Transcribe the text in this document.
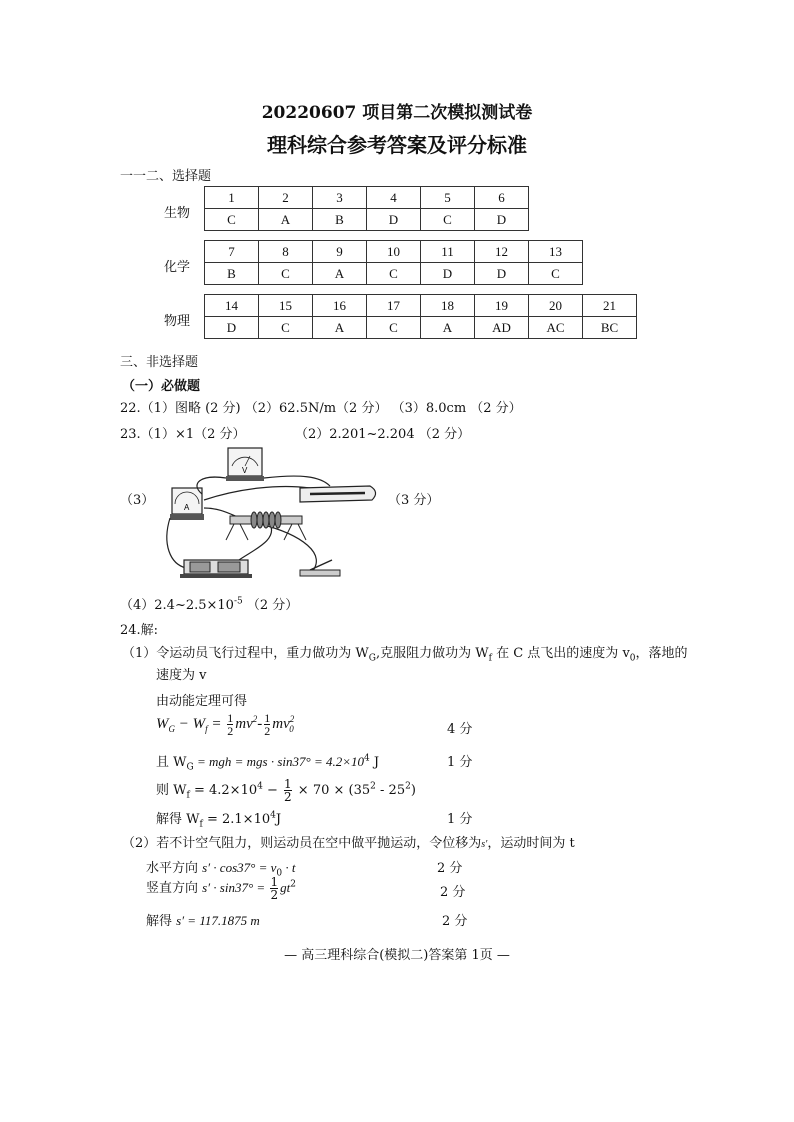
20220607 项目第二次模拟测试卷
理科综合参考答案及评分标准
一一二、选择题
生物
1	2	3	4	5	6
C	A	B	D	C	D
化学
7	8	9	10	11	12	13
B	C	A	C	D	D	C
物理
14	15	16	17	18	19	20	21
D	C	A	C	A	AD	AC	BC
三、非选择题
（一）必做题
22.（1）图略 (2 分) （2）62.5N/m（2 分） （3）8.0cm （2 分）
23.（1）×1（2 分）	（2）2.201~2.204 （2 分）
（3）	（3 分）
V
A
$(4)2.4\sim 2.5\times 10^{-5}$ （2 分）
24.解:
（1）令运动员飞行过程中，重力做功为 $W_G$,克服阻力做功为 $W_f$ 在 C 点飞出的速度为 $v_0$，落地的
速度为 v
由动能定理可得
$W_G - W_f = \frac{1}{2} mv^2- \frac{1}{2} mv^2_0$	4 分
且 $W_G$ = mgh = mgs · $\sin 37^\circ = 4.2\times 10^4$ J	1 分
则 $W_f = 4.2\times 10^4 - \frac{1}{2} \times 70 \times (35^2 - 25^2)$
解得 $W_f = 2.1\times 10^4J$	1 分
（2）若不计空气阻力，则运动员在空中做平抛运动，令位移为s′，运动时间为 t
水平方向 $s' \cdot \cos 37^\circ = v_0 \cdot t$	2 分
竖直方向 $s' \cdot \sin 37^\circ = \frac{1}{2} gt^2$
2 分
解得 s′ = 117.1875 m	2 分
— 高三理科综合(模拟二)答案第 1页 —
